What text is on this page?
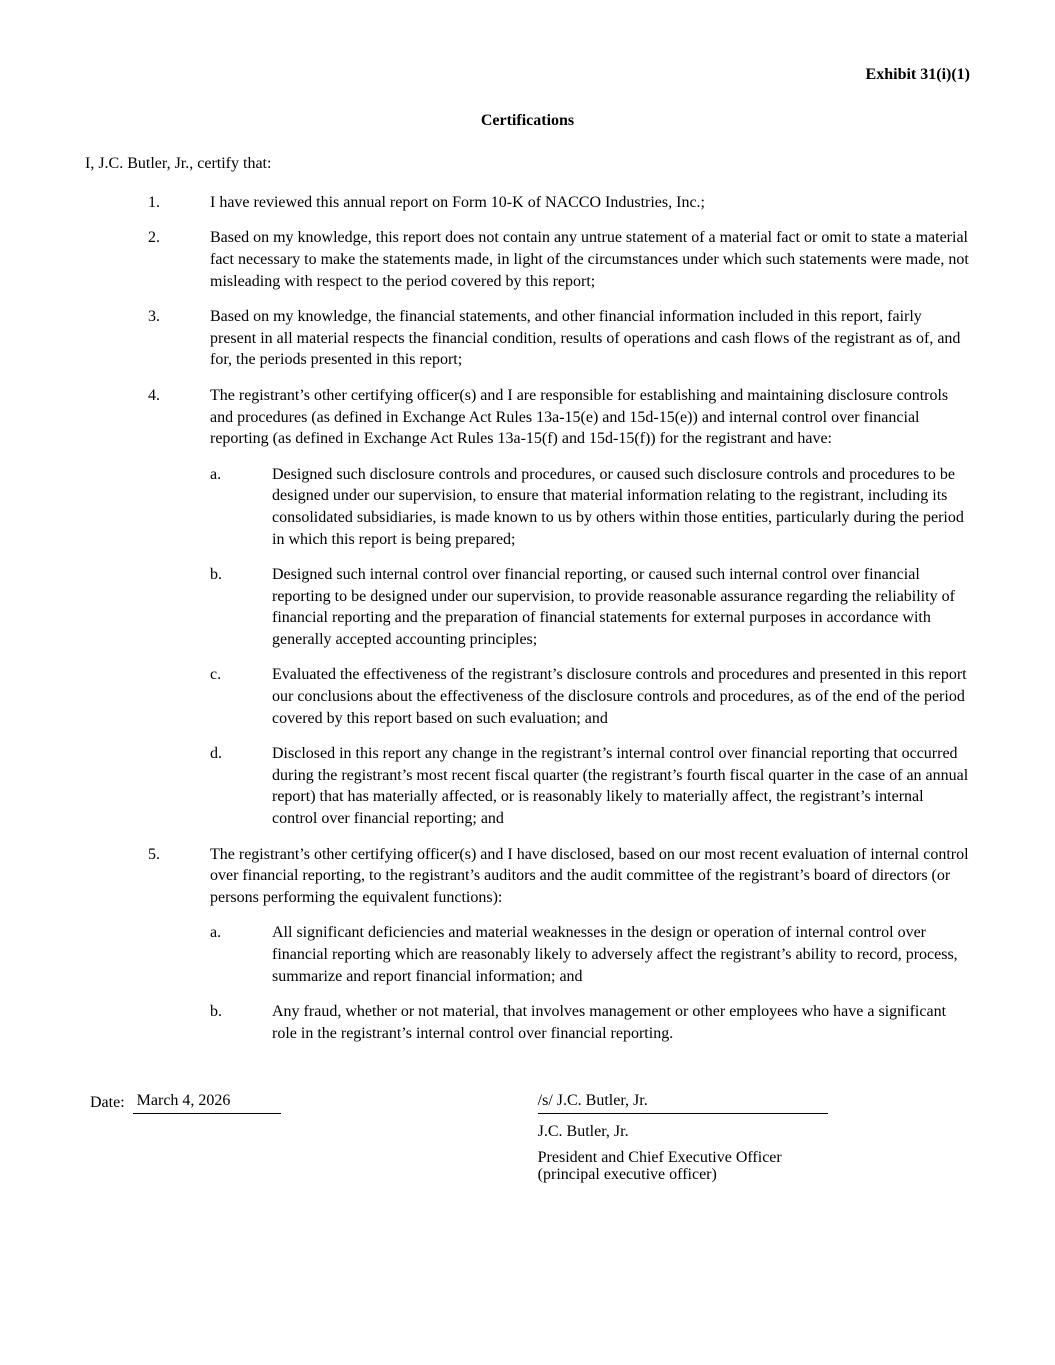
Exhibit 31(i)(1)
Certifications

I, J.C. Butler, Jr., certify that:

1.	I have reviewed this annual report on Form 10-K of NACCO Industries, Inc.;
2.	Based on my knowledge, this report does not contain any untrue statement of a material fact or omit to state a material fact necessary to make the statements made, in light of the circumstances under which such statements were made, not misleading with respect to the period covered by this report;
3.	Based on my knowledge, the financial statements, and other financial information included in this report, fairly present in all material respects the financial condition, results of operations and cash flows of the registrant as of, and for, the periods presented in this report;
4.	The registrant’s other certifying officer(s) and I are responsible for establishing and maintaining disclosure controls and procedures (as defined in Exchange Act Rules 13a-15(e) and 15d-15(e)) and internal control over financial reporting (as defined in Exchange Act Rules 13a-15(f) and 15d-15(f)) for the registrant and have:
a.	Designed such disclosure controls and procedures, or caused such disclosure controls and procedures to be designed under our supervision, to ensure that material information relating to the registrant, including its consolidated subsidiaries, is made known to us by others within those entities, particularly during the period in which this report is being prepared;
b.	Designed such internal control over financial reporting, or caused such internal control over financial reporting to be designed under our supervision, to provide reasonable assurance regarding the reliability of financial reporting and the preparation of financial statements for external purposes in accordance with generally accepted accounting principles;
c.	Evaluated the effectiveness of the registrant’s disclosure controls and procedures and presented in this report our conclusions about the effectiveness of the disclosure controls and procedures, as of the end of the period covered by this report based on such evaluation; and
d.	Disclosed in this report any change in the registrant’s internal control over financial reporting that occurred during the registrant’s most recent fiscal quarter (the registrant’s fourth fiscal quarter in the case of an annual report) that has materially affected, or is reasonably likely to materially affect, the registrant’s internal control over financial reporting; and
5.	The registrant’s other certifying officer(s) and I have disclosed, based on our most recent evaluation of internal control over financial reporting, to the registrant’s auditors and the audit committee of the registrant’s board of directors (or persons performing the equivalent functions):
a.	All significant deficiencies and material weaknesses in the design or operation of internal control over financial reporting which are reasonably likely to adversely affect the registrant’s ability to record, process, summarize and report financial information; and
b.	Any fraud, whether or not material, that involves management or other employees who have a significant role in the registrant’s internal control over financial reporting.
Date: March 4, 2026	/s/ J.C. Butler, Jr.
J.C. Butler, Jr.
President and Chief Executive Officer
(principal executive officer)
